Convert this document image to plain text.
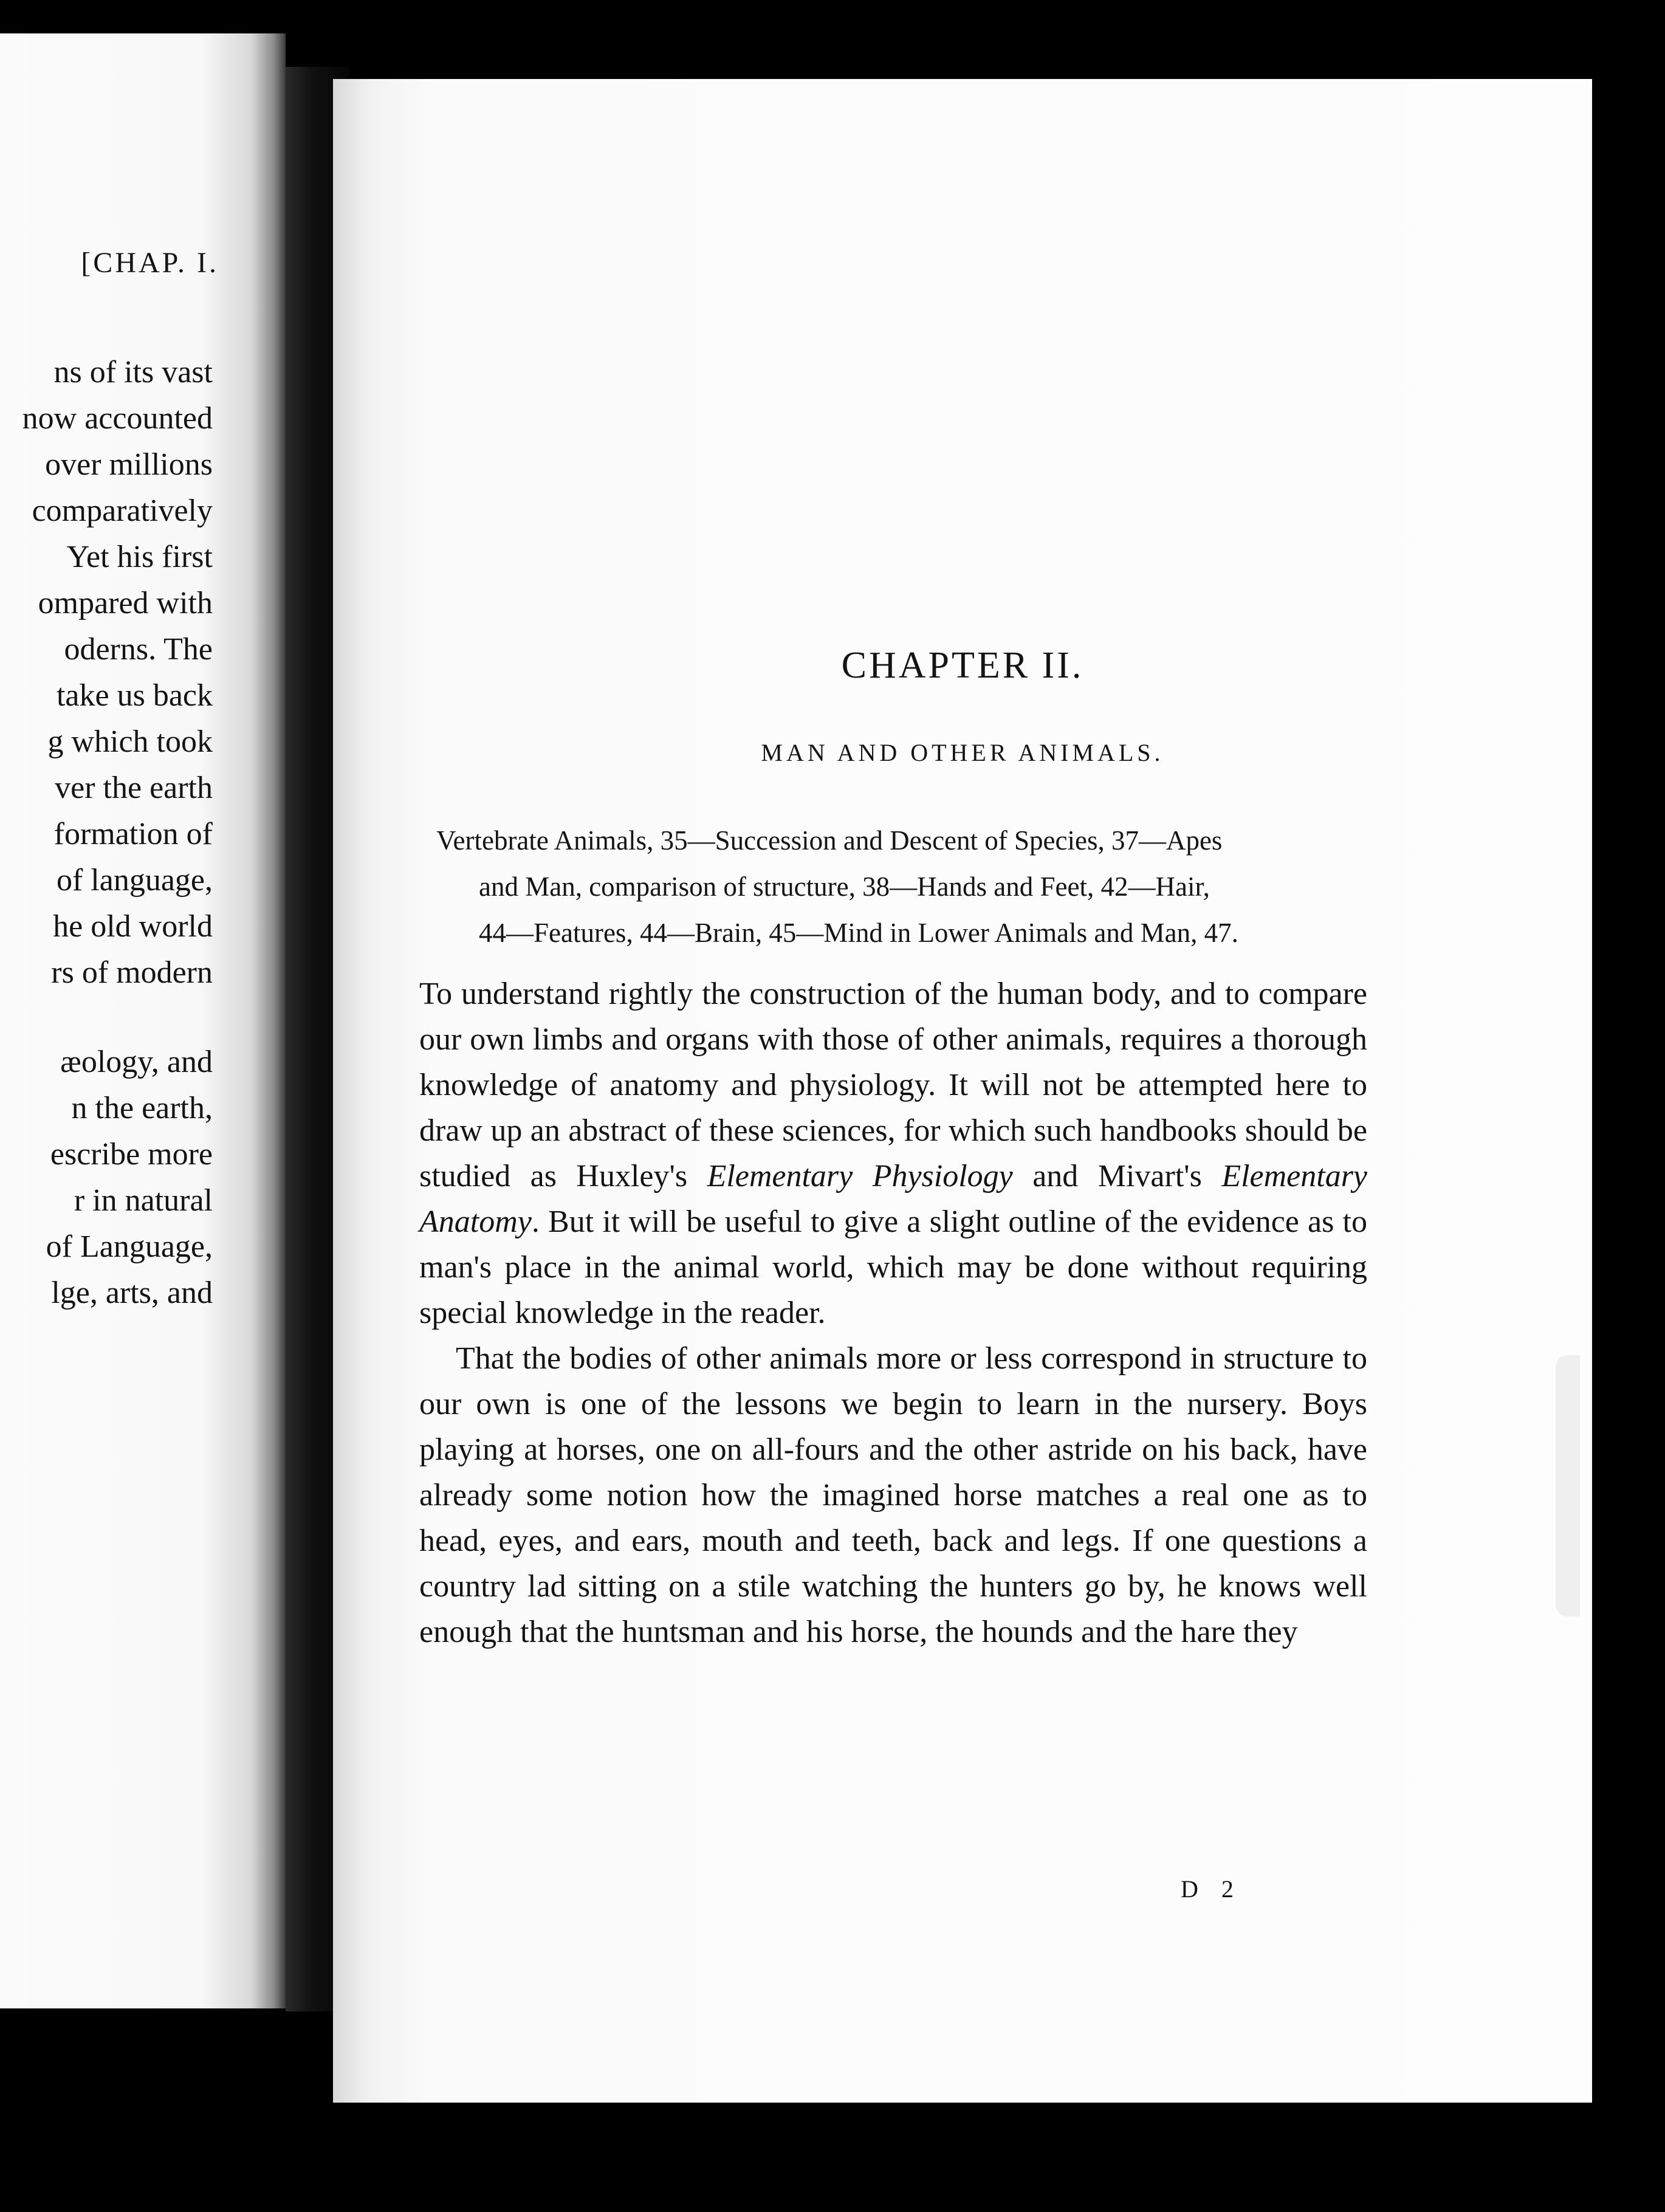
[CHAP. I.
ns of its vast
now accounted
over millions
comparatively
Yet his first
ompared with
oderns. The
take us back
g which took
ver the earth
formation of
of language,
he old world
rs of modern
æology, and
n the earth,
escribe more
r in natural
of Language,
lge, arts, and
CHAPTER II.
MAN AND OTHER ANIMALS.
Vertebrate Animals, 35—Succession and Descent of Species, 37—Apes
and Man, comparison of structure, 38—Hands and Feet, 42—Hair,
44—Features, 44—Brain, 45—Mind in Lower Animals and Man, 47.

To understand rightly the construction of the human body, and to compare our own limbs and organs with those of other animals, requires a thorough knowledge of anatomy and physiology. It will not be attempted here to draw up an abstract of these sciences, for which such handbooks should be studied as Huxley's Elementary Physiology and Mivart's Elementary Anatomy. But it will be useful to give a slight outline of the evidence as to man's place in the animal world, which may be done without requiring special knowledge in the reader.

That the bodies of other animals more or less correspond in structure to our own is one of the lessons we begin to learn in the nursery. Boys playing at horses, one on all-fours and the other astride on his back, have already some notion how the imagined horse matches a real one as to head, eyes, and ears, mouth and teeth, back and legs. If one questions a country lad sitting on a stile watching the hunters go by, he knows well enough that the huntsman and his horse, the hounds and the hare they

D 2
